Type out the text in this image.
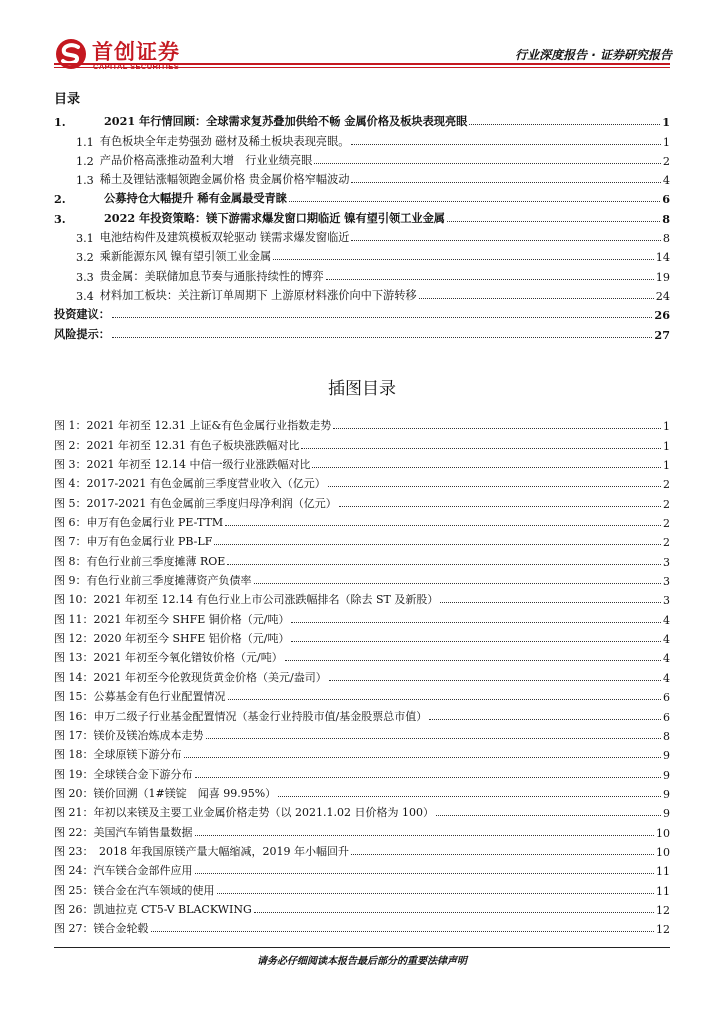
首创证券
CAPITAL SECURITIES
行业深度报告 · 证券研究报告
目录
1.	2021 年行情回顾：全球需求复苏叠加供给不畅 金属价格及板块表现亮眼	1
1.1 有色板块全年走势强劲 磁材及稀土板块表现亮眼。	1
1.2 产品价格高涨推动盈利大增　行业业绩亮眼	2
1.3 稀土及锂钴涨幅领跑金属价格 贵金属价格窄幅波动	4
2.	公募持仓大幅提升 稀有金属最受青睐	6
3.	2022 年投资策略：镁下游需求爆发窗口期临近 镍有望引领工业金属	8
3.1 电池结构件及建筑模板双轮驱动 镁需求爆发窗临近	8
3.2 乘新能源东风 镍有望引领工业金属	14
3.3 贵金属：美联储加息节奏与通胀持续性的博弈	19
3.4 材料加工板块：关注新订单周期下 上游原材料涨价向中下游转移	24
投资建议：	26
风险提示：	27
插图目录
图 1：2021 年初至 12.31 上证&有色金属行业指数走势	1
图 2：2021 年初至 12.31 有色子板块涨跌幅对比	1
图 3：2021 年初至 12.14 中信一级行业涨跌幅对比	1
图 4：2017-2021 有色金属前三季度营业收入（亿元）	2
图 5：2017-2021 有色金属前三季度归母净利润（亿元）	2
图 6：申万有色金属行业 PE-TTM	2
图 7：申万有色金属行业 PB-LF	2
图 8：有色行业前三季度摊薄 ROE	3
图 9：有色行业前三季度摊薄资产负债率	3
图 10：2021 年初至 12.14 有色行业上市公司涨跌幅排名（除去 ST 及新股）	3
图 11：2021 年初至今 SHFE 铜价格（元/吨）	4
图 12：2020 年初至今 SHFE 铝价格（元/吨）	4
图 13：2021 年初至今氧化镨钕价格（元/吨）	4
图 14：2021 年初至今伦敦现货黄金价格（美元/盎司）	4
图 15：公募基金有色行业配置情况	6
图 16：申万二级子行业基金配置情况（基金行业持股市值/基金股票总市值）	6
图 17：镁价及镁冶炼成本走势	8
图 18：全球原镁下游分布	9
图 19：全球镁合金下游分布	9
图 20：镁价回溯（1#镁锭　闻喜 99.95%）	9
图 21：年初以来镁及主要工业金属价格走势（以 2021.1.02 日价格为 100）	9
图 22：美国汽车销售量数据	10
图 23：　2018 年我国原镁产量大幅缩减，2019 年小幅回升	10
图 24：汽车镁合金部件应用	11
图 25：镁合金在汽车领域的使用	11
图 26：凯迪拉克 CT5-V BLACKWING	12
图 27：镁合金轮毂	12
请务必仔细阅读本报告最后部分的重要法律声明
